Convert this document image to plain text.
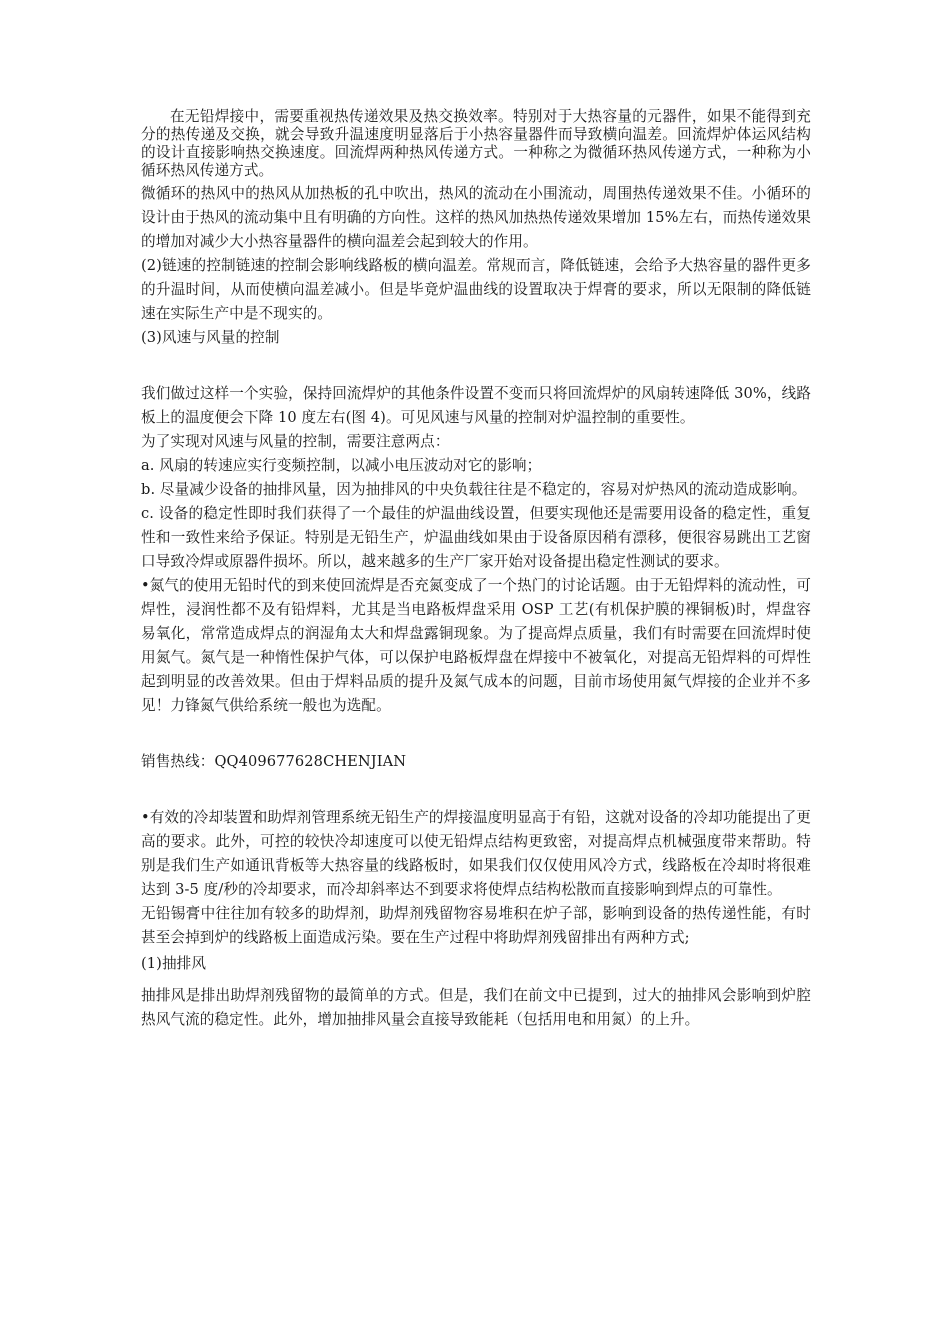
在无铅焊接中，需要重视热传递效果及热交换效率。特别对于大热容量的元器件，如果不能得到充分的热传递及交换，就会导致升温速度明显落后于小热容量器件而导致横向温差。回流焊炉体运风结构的设计直接影响热交换速度。回流焊两种热风传递方式。一种称之为微循环热风传递方式，一种称为小循环热风传递方式。

微循环的热风中的热风从加热板的孔中吹出，热风的流动在小围流动，周围热传递效果不佳。小循环的设计由于热风的流动集中且有明确的方向性。这样的热风加热热传递效果增加 15%左右，而热传递效果的增加对减少大小热容量器件的横向温差会起到较大的作用。

(2)链速的控制链速的控制会影响线路板的横向温差。常规而言，降低链速，会给予大热容量的器件更多的升温时间，从而使横向温差减小。但是毕竟炉温曲线的设置取决于焊膏的要求，所以无限制的降低链速在实际生产中是不现实的。

(3)风速与风量的控制

我们做过这样一个实验，保持回流焊炉的其他条件设置不变而只将回流焊炉的风扇转速降低 30%，线路板上的温度便会下降 10 度左右(图 4)。可见风速与风量的控制对炉温控制的重要性。

为了实现对风速与风量的控制，需要注意两点：

a. 风扇的转速应实行变频控制，以减小电压波动对它的影响；

b. 尽量减少设备的抽排风量，因为抽排风的中央负载往往是不稳定的，容易对炉热风的流动造成影响。

c. 设备的稳定性即时我们获得了一个最佳的炉温曲线设置，但要实现他还是需要用设备的稳定性，重复性和一致性来给予保证。特别是无铅生产，炉温曲线如果由于设备原因稍有漂移，便很容易跳出工艺窗口导致冷焊或原器件损坏。所以，越来越多的生产厂家开始对设备提出稳定性测试的要求。

•氮气的使用无铅时代的到来使回流焊是否充氮变成了一个热门的讨论话题。由于无铅焊料的流动性，可焊性，浸润性都不及有铅焊料，尤其是当电路板焊盘采用 OSP 工艺(有机保护膜的裸铜板)时，焊盘容易氧化，常常造成焊点的润湿角太大和焊盘露铜现象。为了提高焊点质量，我们有时需要在回流焊时使用氮气。氮气是一种惰性保护气体，可以保护电路板焊盘在焊接中不被氧化，对提高无铅焊料的可焊性起到明显的改善效果。但由于焊料品质的提升及氮气成本的问题，目前市场使用氮气焊接的企业并不多见！力锋氮气供给系统一般也为选配。

销售热线：QQ409677628CHENJIAN

•有效的冷却装置和助焊剂管理系统无铅生产的焊接温度明显高于有铅，这就对设备的冷却功能提出了更高的要求。此外，可控的较快冷却速度可以使无铅焊点结构更致密，对提高焊点机械强度带来帮助。特别是我们生产如通讯背板等大热容量的线路板时，如果我们仅仅使用风冷方式，线路板在冷却时将很难达到 3-5 度/秒的冷却要求，而冷却斜率达不到要求将使焊点结构松散而直接影响到焊点的可靠性。

无铅锡膏中往往加有较多的助焊剂，助焊剂残留物容易堆积在炉子部，影响到设备的热传递性能，有时甚至会掉到炉的线路板上面造成污染。要在生产过程中将助焊剂残留排出有两种方式;

(1)抽排风

抽排风是排出助焊剂残留物的最简单的方式。但是，我们在前文中已提到，过大的抽排风会影响到炉腔热风气流的稳定性。此外，增加抽排风量会直接导致能耗（包括用电和用氮）的上升。
